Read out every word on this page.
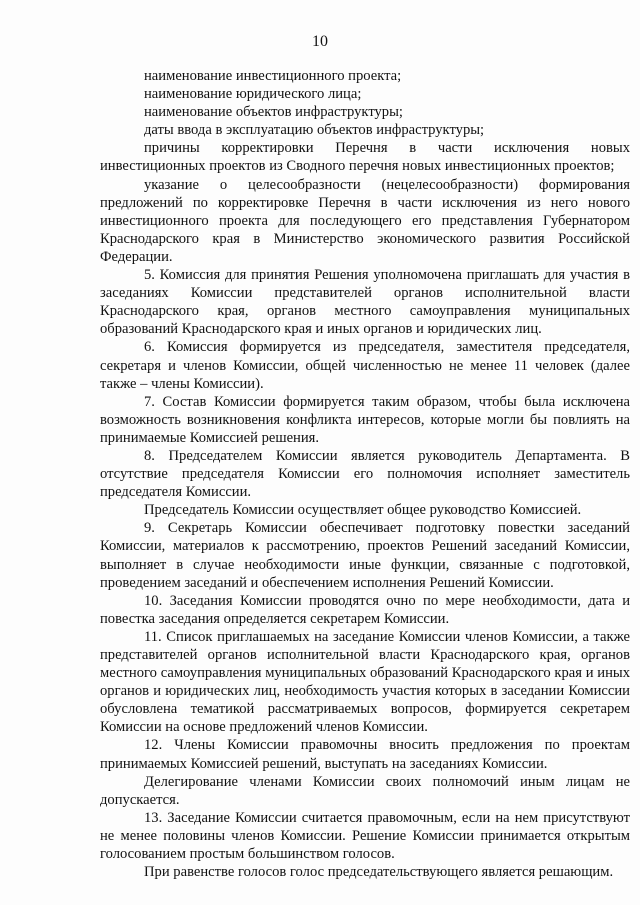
10

наименование инвестиционного проекта;

наименование юридического лица;

наименование объектов инфраструктуры;

даты ввода в эксплуатацию объектов инфраструктуры;

причины корректировки Перечня в части исключения новых инвестиционных проектов из Сводного перечня новых инвестиционных проектов;

указание о целесообразности (нецелесообразности) формирования предложений по корректировке Перечня в части исключения из него нового инвестиционного проекта для последующего его представления Губернатором Краснодарского края в Министерство экономического развития Российской Федерации.

5. Комиссия для принятия Решения уполномочена приглашать для участия в заседаниях Комиссии представителей органов исполнительной власти Краснодарского края, органов местного самоуправления муниципальных образований Краснодарского края и иных органов и юридических лиц.

6. Комиссия формируется из председателя, заместителя председателя, секретаря и членов Комиссии, общей численностью не менее 11 человек (далее также – члены Комиссии).

7. Состав Комиссии формируется таким образом, чтобы была исключена возможность возникновения конфликта интересов, которые могли бы повлиять на принимаемые Комиссией решения.

8. Председателем Комиссии является руководитель Департамента. В отсутствие председателя Комиссии его полномочия исполняет заместитель председателя Комиссии.

Председатель Комиссии осуществляет общее руководство Комиссией.

9. Секретарь Комиссии обеспечивает подготовку повестки заседаний Комиссии, материалов к рассмотрению, проектов Решений заседаний Комиссии, выполняет в случае необходимости иные функции, связанные с подготовкой, проведением заседаний и обеспечением исполнения Решений Комиссии.

10. Заседания Комиссии проводятся очно по мере необходимости, дата и повестка заседания определяется секретарем Комиссии.

11. Список приглашаемых на заседание Комиссии членов Комиссии, а также представителей органов исполнительной власти Краснодарского края, органов местного самоуправления муниципальных образований Краснодарского края и иных органов и юридических лиц, необходимость участия которых в заседании Комиссии обусловлена тематикой рассматриваемых вопросов, формируется секретарем Комиссии на основе предложений членов Комиссии.

12. Члены Комиссии правомочны вносить предложения по проектам принимаемых Комиссией решений, выступать на заседаниях Комиссии.

Делегирование членами Комиссии своих полномочий иным лицам не допускается.

13. Заседание Комиссии считается правомочным, если на нем присутствуют не менее половины членов Комиссии. Решение Комиссии принимается открытым голосованием простым большинством голосов.

При равенстве голосов голос председательствующего является решающим.
